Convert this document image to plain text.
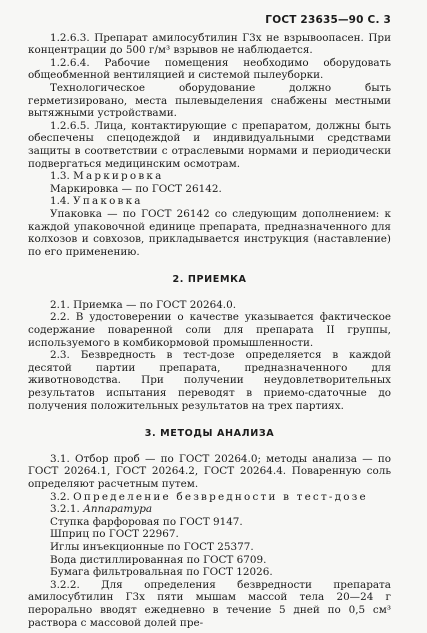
ГОСТ 23635—90 С. 3

1.2.6.3. Препарат амилосубтилин Г3х не взрывоопасен. При концентрации до 500 г/м³ взрывов не наблюдается.

1.2.6.4. Рабочие помещения необходимо оборудовать общеобменной вентиляцией и системой пылеуборки.

Технологическое оборудование должно быть герметизировано, места пылевыделения снабжены местными вытяжными устройствами.

1.2.6.5. Лица, контактирующие с препаратом, должны быть обеспечены спецодеждой и индивидуальными средствами защиты в соответствии с отраслевыми нормами и периодически подвергаться медицинским осмотрам.

1.3. Маркировка

Маркировка — по ГОСТ 26142.

1.4. Упаковка

Упаковка — по ГОСТ 26142 со следующим дополнением: к каждой упаковочной единице препарата, предназначенного для колхозов и совхозов, прикладывается инструкция (наставление) по его применению.

2. ПРИЕМКА

2.1. Приемка — по ГОСТ 20264.0.

2.2. В удостоверении о качестве указывается фактическое содержание поваренной соли для препарата II группы, используемого в комбикормовой промышленности.

2.3. Безвредность в тест-дозе определяется в каждой десятой партии препарата, предназначенного для животноводства. При получении неудовлетворительных результатов испытания переводят в приемо-сдаточные до получения положительных результатов на трех партиях.

3. МЕТОДЫ АНАЛИЗА

3.1. Отбор проб — по ГОСТ 20264.0; методы анализа — по ГОСТ 20264.1, ГОСТ 20264.2, ГОСТ 20264.4. Поваренную соль определяют расчетным путем.

3.2. Определение безвредности в тест-дозе

3.2.1. Аппаратура

Ступка фарфоровая по ГОСТ 9147.

Шприц по ГОСТ 22967.

Иглы инъекционные по ГОСТ 25377.

Вода дистиллированная по ГОСТ 6709.

Бумага фильтровальная по ГОСТ 12026.

3.2.2. Для определения безвредности препарата амилосубтилин Г3х пяти мышам массой тела 20—24 г перорально вводят ежедневно в течение 5 дней по 0,5 см³ раствора с массовой долей пре-
